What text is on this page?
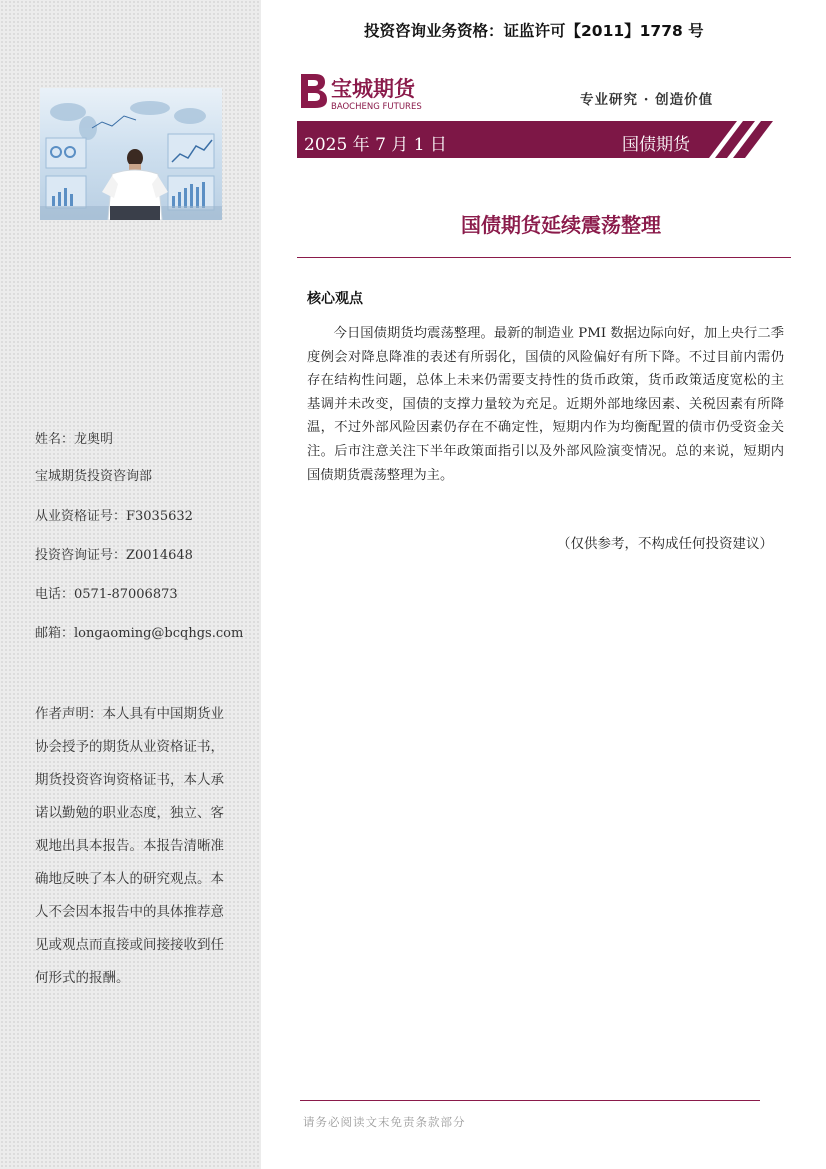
姓名：龙奥明
宝城期货投资咨询部
从业资格证号：F3035632
投资咨询证号：Z0014648
电话：0571-87006873
邮箱：longaoming@bcqhgs.com
作者声明：本人具有中国期货业协会授予的期货从业资格证书，期货投资咨询资格证书，本人承诺以勤勉的职业态度，独立、客观地出具本报告。本报告清晰准确地反映了本人的研究观点。本人不会因本报告中的具体推荐意见或观点而直接或间接接收到任何形式的报酬。
投资咨询业务资格：证监许可【2011】1778 号
宝城期货
BAOCHENG FUTURES	专业研究 · 创造价值
2025 年 7 月 1 日	国债期货
国债期货延续震荡整理
核心观点
今日国债期货均震荡整理。最新的制造业 PMI 数据边际向好，加上央行二季度例会对降息降准的表述有所弱化，国债的风险偏好有所下降。不过目前内需仍存在结构性问题，总体上未来仍需要支持性的货币政策，货币政策适度宽松的主基调并未改变，国债的支撑力量较为充足。近期外部地缘因素、关税因素有所降温，不过外部风险因素仍存在不确定性，短期内作为均衡配置的债市仍受资金关注。后市注意关注下半年政策面指引以及外部风险演变情况。总的来说，短期内国债期货震荡整理为主。
（仅供参考，不构成任何投资建议）
请务必阅读文末免责条款部分
